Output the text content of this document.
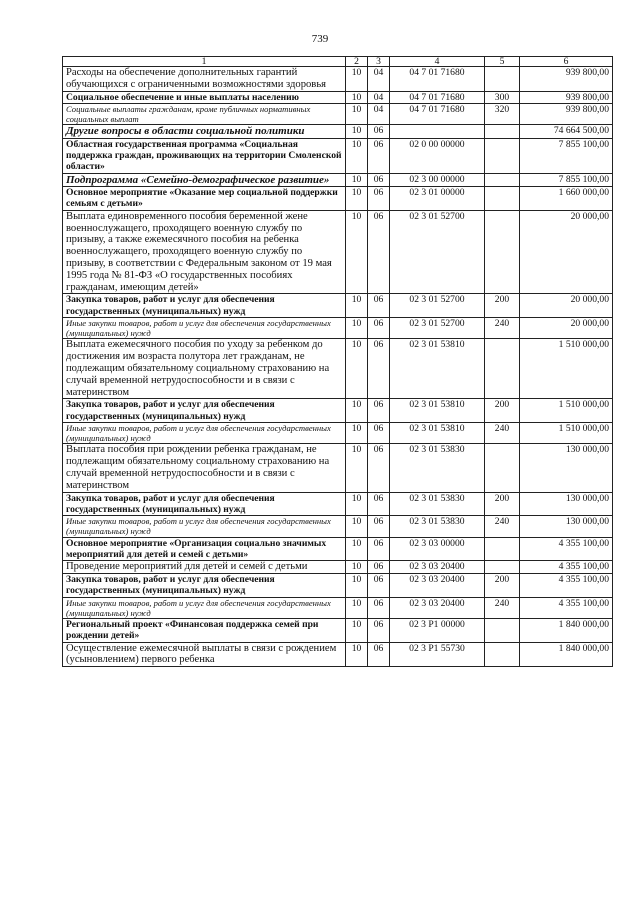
739
1	2	3	4	5	6
Расходы на обеспечение дополнительных гарантий обучающихся с ограниченными возможностями здоровья	10	04	04 7 01 71680		939 800,00
Социальное обеспечение и иные выплаты населению	10	04	04 7 01 71680	300	939 800,00
Социальные выплаты гражданам, кроме публичных нормативных социальных выплат	10	04	04 7 01 71680	320	939 800,00
Другие вопросы в области социальной политики	10	06			74 664 500,00
Областная государственная программа «Социальная поддержка граждан, проживающих на территории Смоленской области»	10	06	02 0 00 00000		7 855 100,00
Подпрограмма «Семейно-демографическое развитие»	10	06	02 3 00 00000		7 855 100,00
Основное мероприятие «Оказание мер социальной поддержки семьям с детьми»	10	06	02 3 01 00000		1 660 000,00
Выплата единовременного пособия беременной жене военнослужащего, проходящего военную службу по призыву, а также ежемесячного пособия на ребенка военнослужащего, проходящего военную службу по призыву, в соответствии с Федеральным законом от 19 мая 1995 года № 81-ФЗ «О государственных пособиях гражданам, имеющим детей»	10	06	02 3 01 52700		20 000,00
Закупка товаров, работ и услуг для обеспечения государственных (муниципальных) нужд	10	06	02 3 01 52700	200	20 000,00
Иные закупки товаров, работ и услуг для обеспечения государственных (муниципальных) нужд	10	06	02 3 01 52700	240	20 000,00
Выплата ежемесячного пособия по уходу за ребенком до достижения им возраста полутора лет гражданам, не подлежащим обязательному социальному страхованию на случай временной нетрудоспособности и в связи с материнством	10	06	02 3 01 53810		1 510 000,00
Закупка товаров, работ и услуг для обеспечения государственных (муниципальных) нужд	10	06	02 3 01 53810	200	1 510 000,00
Иные закупки товаров, работ и услуг для обеспечения государственных (муниципальных) нужд	10	06	02 3 01 53810	240	1 510 000,00
Выплата пособия при рождении ребенка гражданам, не подлежащим обязательному социальному страхованию на случай временной нетрудоспособности и в связи с материнством	10	06	02 3 01 53830		130 000,00
Закупка товаров, работ и услуг для обеспечения государственных (муниципальных) нужд	10	06	02 3 01 53830	200	130 000,00
Иные закупки товаров, работ и услуг для обеспечения государственных (муниципальных) нужд	10	06	02 3 01 53830	240	130 000,00
Основное мероприятие «Организация социально значимых мероприятий для детей и семей с детьми»	10	06	02 3 03 00000		4 355 100,00
Проведение мероприятий для детей и семей с детьми	10	06	02 3 03 20400		4 355 100,00
Закупка товаров, работ и услуг для обеспечения государственных (муниципальных) нужд	10	06	02 3 03 20400	200	4 355 100,00
Иные закупки товаров, работ и услуг для обеспечения государственных (муниципальных) нужд	10	06	02 3 03 20400	240	4 355 100,00
Региональный проект «Финансовая поддержка семей при рождении детей»	10	06	02 3 P1 00000		1 840 000,00
Осуществление ежемесячной выплаты в связи с рождением (усыновлением) первого ребенка	10	06	02 3 P1 55730		1 840 000,00
